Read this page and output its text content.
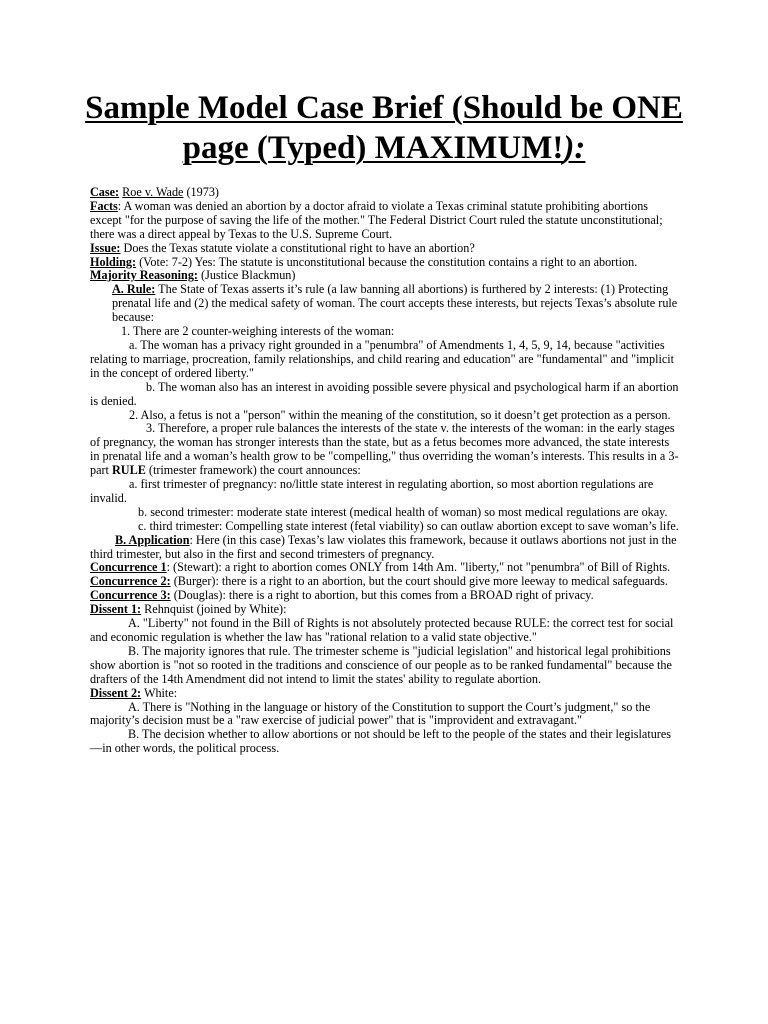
Sample Model Case Brief (Should be ONE
page (Typed) MAXIMUM!):

Case: Roe v. Wade (1973)

Facts: A woman was denied an abortion by a doctor afraid to violate a Texas criminal statute prohibiting abortions except "for the purpose of saving the life of the mother." The Federal District Court ruled the statute unconstitutional; there was a direct appeal by Texas to the U.S. Supreme Court.

Issue: Does the Texas statute violate a constitutional right to have an abortion?

Holding: (Vote: 7-2) Yes: The statute is unconstitutional because the constitution contains a right to an abortion.

Majority Reasoning: (Justice Blackmun)

A. Rule: The State of Texas asserts it’s rule (a law banning all abortions) is furthered by 2 interests: (1) Protecting prenatal life and (2) the medical safety of woman. The court accepts these interests, but rejects Texas’s absolute rule because:

1. There are 2 counter-weighing interests of the woman:

a. The woman has a privacy right grounded in a "penumbra" of Amendments 1, 4, 5, 9, 14, because "activities relating to marriage, procreation, family relationships, and child rearing and education" are "fundamental" and "implicit in the concept of ordered liberty."

b. The woman also has an interest in avoiding possible severe physical and psychological harm if an abortion is denied.

2. Also, a fetus is not a "person" within the meaning of the constitution, so it doesn’t get protection as a person.

3. Therefore, a proper rule balances the interests of the state v. the interests of the woman: in the early stages of pregnancy, the woman has stronger interests than the state, but as a fetus becomes more advanced, the state interests in prenatal life and a woman’s health grow to be "compelling," thus overriding the woman’s interests. This results in a 3-part RULE (trimester framework) the court announces:

a. first trimester of pregnancy: no/little state interest in regulating abortion, so most abortion regulations are invalid.

b. second trimester: moderate state interest (medical health of woman) so most medical regulations are okay.

c. third trimester: Compelling state interest (fetal viability) so can outlaw abortion except to save woman’s life.

B. Application: Here (in this case) Texas’s law violates this framework, because it outlaws abortions not just in the third trimester, but also in the first and second trimesters of pregnancy.

Concurrence 1: (Stewart): a right to abortion comes ONLY from 14th Am. "liberty," not "penumbra" of Bill of Rights.

Concurrence 2: (Burger): there is a right to an abortion, but the court should give more leeway to medical safeguards.

Concurrence 3: (Douglas): there is a right to abortion, but this comes from a BROAD right of privacy.

Dissent 1: Rehnquist (joined by White):

A. "Liberty" not found in the Bill of Rights is not absolutely protected because RULE: the correct test for social and economic regulation is whether the law has "rational relation to a valid state objective."

B. The majority ignores that rule. The trimester scheme is "judicial legislation" and historical legal prohibitions show abortion is "not so rooted in the traditions and conscience of our people as to be ranked fundamental" because the drafters of the 14th Amendment did not intend to limit the states' ability to regulate abortion.

Dissent 2: White:

A. There is "Nothing in the language or history of the Constitution to support the Court’s judgment," so the majority’s decision must be a "raw exercise of judicial power" that is "improvident and extravagant."

B. The decision whether to allow abortions or not should be left to the people of the states and their legislatures—in other words, the political process.
